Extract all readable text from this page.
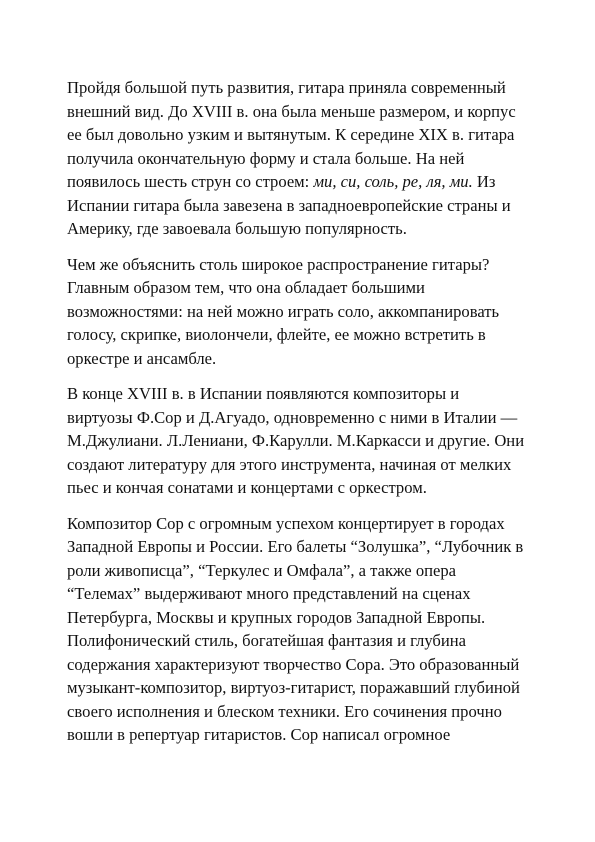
Пройдя большой путь развития, гитара приняла современный
внешний вид. До XVIII в. она была меньше размером, и корпус
ее был довольно узким и вытянутым. К середине XIX в. гитара
получила окончательную форму и стала больше. На ней
появилось шесть струн со строем: ми, си, соль, ре, ля, ми. Из
Испании гитара была завезена в западноевропейские страны и
Америку, где завоевала большую популярность.

Чем же объяснить столь широкое распространение гитары?
Главным образом тем, что она обладает большими
возможностями: на ней можно играть соло, аккомпанировать
голосу, скрипке, виолончели, флейте, ее можно встретить в
оркестре и ансамбле.

В конце XVIII в. в Испании появляются композиторы и
виртуозы Ф.Сор и Д.Агуадо, одновременно с ними в Италии —
М.Джулиани. Л.Лениани, Ф.Карулли. М.Каркасси и другие. Они
создают литературу для этого инструмента, начиная от мелких
пьес и кончая сонатами и концертами с оркестром.

Композитор Сор с огромным успехом концертирует в городах
Западной Европы и России. Его балеты “Золушка”, “Лубочник в
роли живописца”, “Теркулес и Омфала”, а также опера
“Телемах” выдерживают много представлений на сценах
Петербурга, Москвы и крупных городов Западной Европы.
Полифонический стиль, богатейшая фантазия и глубина
содержания характеризуют творчество Сора. Это образованный
музыкант-композитор, виртуоз-гитарист, поражавший глубиной
своего исполнения и блеском техники. Его сочинения прочно
вошли в репертуар гитаристов. Сор написал огромное
